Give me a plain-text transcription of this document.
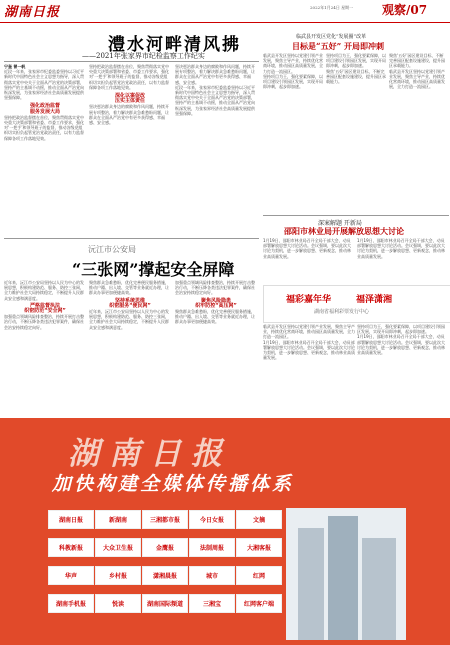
湖南日报	2022年1月24日 星期一 观察/07
澧水河畔清风拂
——2021年张家界市纪检监察工作纪实
宁奎 曾一帆
近段一年来，张家界市纪委监委坚持以习近平新时代中国特色社会主义思想为指导，深入贯彻落实党中央关于全面从严治党的决策部署，坚持严的主基调不动摇，推动全面从严治党向纵深发展，为张家界经济社会高质量发展提供坚强保障。
强化政治监督
服务发展大局
坚持把政治监督摆在首位，聚焦贯彻落实党中央重大决策部署和省委、市委工作要求，强化对‘一把手’和领导班子的监督，推动各级党组织切实担负起管党治党政治责任，以有力监督保障各项工作落地见效。
坚持把政治监督摆在首位，聚焦贯彻落实党中央重大决策部署和省委、市委工作要求，强化对‘一把手’和领导班子的监督，推动各级党组织切实担负起管党治党政治责任，以有力监督保障各项工作落地见效。
深化以案促改
压实主体责任
坚决惩治群众身边的腐败和作风问题，持续开展专项整治，着力解决群众急难愁盼问题，让群众在全面从严治党中有更多获得感、幸福感、安全感。
坚决惩治群众身边的腐败和作风问题，持续开展专项整治，着力解决群众急难愁盼问题，让群众在全面从严治党中有更多获得感、幸福感、安全感。
近段一年来，张家界市纪委监委坚持以习近平新时代中国特色社会主义思想为指导，深入贯彻落实党中央关于全面从严治党的决策部署，坚持严的主基调不动摇，推动全面从严治党向纵深发展，为张家界经济社会高质量发展提供坚强保障。
沅江市公安局
“三张网”撑起安全屏障
近年来，沅江市公安局坚持以人民为中心的发展思想，积极构建防范、服务、防控三张网，全力维护社会大局持续稳定，不断提升人民群众安全感和满意度。
严格监督执法
织密防范“安全网”
加强重点领域风险排查整治，持续开展打击整治行动，不断压降各类违法犯罪案件，确保社会治安持续稳定向好。
聚焦群众急难愁盼，优化完善便民服务措施，推动户籍、出入境、交管等业务就近办理，让群众办事更加便捷高效。
坚持系统思维
织密服务“便民网”
近年来，沅江市公安局坚持以人民为中心的发展思想，积极构建防范、服务、防控三张网，全力维护社会大局持续稳定，不断提升人民群众安全感和满意度。
加强重点领域风险排查整治，持续开展打击整治行动，不断压降各类违法犯罪案件，确保社会治安持续稳定向好。
聚焦风险隐患
织牢防控“高压网”
聚焦群众急难愁盼，优化完善便民服务措施，推动户籍、出入境、交管等业务就近办理，让群众办事更加便捷高效。
临武县开发区党化“发展圈”改革
目标是“五好” 开局即冲刺
临武县开发区坚持以党建引领产业发展，聚焦主导产业，持续优化营商环境，推动园区高质量发展，全力打造一流园区。
坚持项目为王，强化要素保障，以项目建设引领园区发展，实现开局即冲刺，起步即加速。
坚持项目为王，强化要素保障，以项目建设引领园区发展，实现开局即冲刺，起步即加速。
聚焦‘五好’园区建设目标，不断完善园区配套设施建设，提升园区承载能力。
聚焦‘五好’园区建设目标，不断完善园区配套设施建设，提升园区承载能力。
临武县开发区坚持以党建引领产业发展，聚焦主导产业，持续优化营商环境，推动园区高质量发展，全力打造一流园区。
深案解题 开新局
邵阳市林业局开展解放思想大讨论
1月19日，邵阳市林业局召开全局干部大会，动员部署解放思想大讨论活动。会议强调，要以此次大讨论为契机，进一步解放思想、更新观念，推动林业高质量发展。
1月19日，邵阳市林业局召开全局干部大会，动员部署解放思想大讨论活动。会议强调，要以此次大讨论为契机，进一步解放思想、更新观念，推动林业高质量发展。
福彩嘉年华	福泽潇湘
湖南省福利彩票发行中心
临武县开发区坚持以党建引领产业发展，聚焦主导产业，持续优化营商环境，推动园区高质量发展，全力打造一流园区。
1月19日，邵阳市林业局召开全局干部大会，动员部署解放思想大讨论活动。会议强调，要以此次大讨论为契机，进一步解放思想、更新观念，推动林业高质量发展。
坚持项目为王，强化要素保障，以项目建设引领园区发展，实现开局即冲刺，起步即加速。
1月19日，邵阳市林业局召开全局干部大会，动员部署解放思想大讨论活动。会议强调，要以此次大讨论为契机，进一步解放思想、更新观念，推动林业高质量发展。
湖南日报
加快构建全媒体传播体系
湖南日报	新湖南	三湘都市报	今日女报	文摘
科教新报	大众卫生报	金鹰报	法制周报	大湘客报
华声	乡村报	潇湘晨报	城市	红网
湖南手机报	悦读	湖南国际频道	三湘宝	红网客户端
